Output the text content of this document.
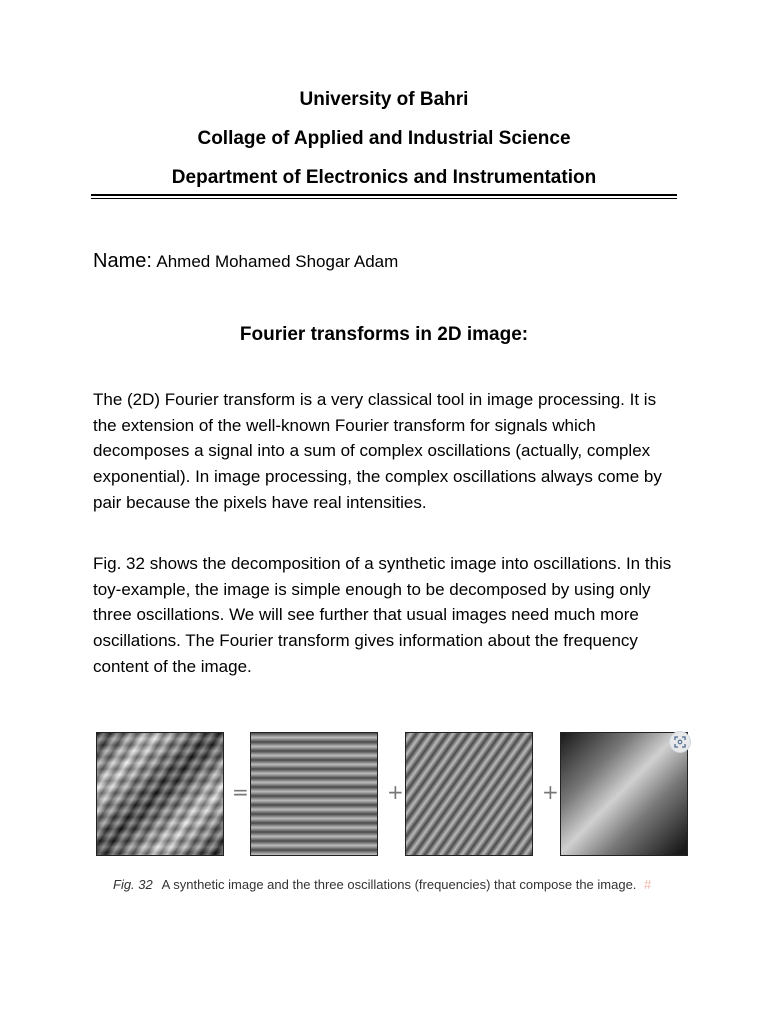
University of Bahri
Collage of Applied and Industrial Science
Department of Electronics and Instrumentation
Name: Ahmed Mohamed Shogar Adam
Fourier transforms in 2D image:

The (2D) Fourier transform is a very classical tool in image processing. It is the extension of the well-known Fourier transform for signals which decomposes a signal into a sum of complex oscillations (actually, complex exponential). In image processing, the complex oscillations always come by pair because the pixels have real intensities.

Fig. 32 shows the decomposition of a synthetic image into oscillations. In this toy-example, the image is simple enough to be decomposed by using only three oscillations. We will see further that usual images need much more oscillations. The Fourier transform gives information about the frequency content of the image.

=	+	+
Fig. 32 A synthetic image and the three oscillations (frequencies) that compose the image. #
